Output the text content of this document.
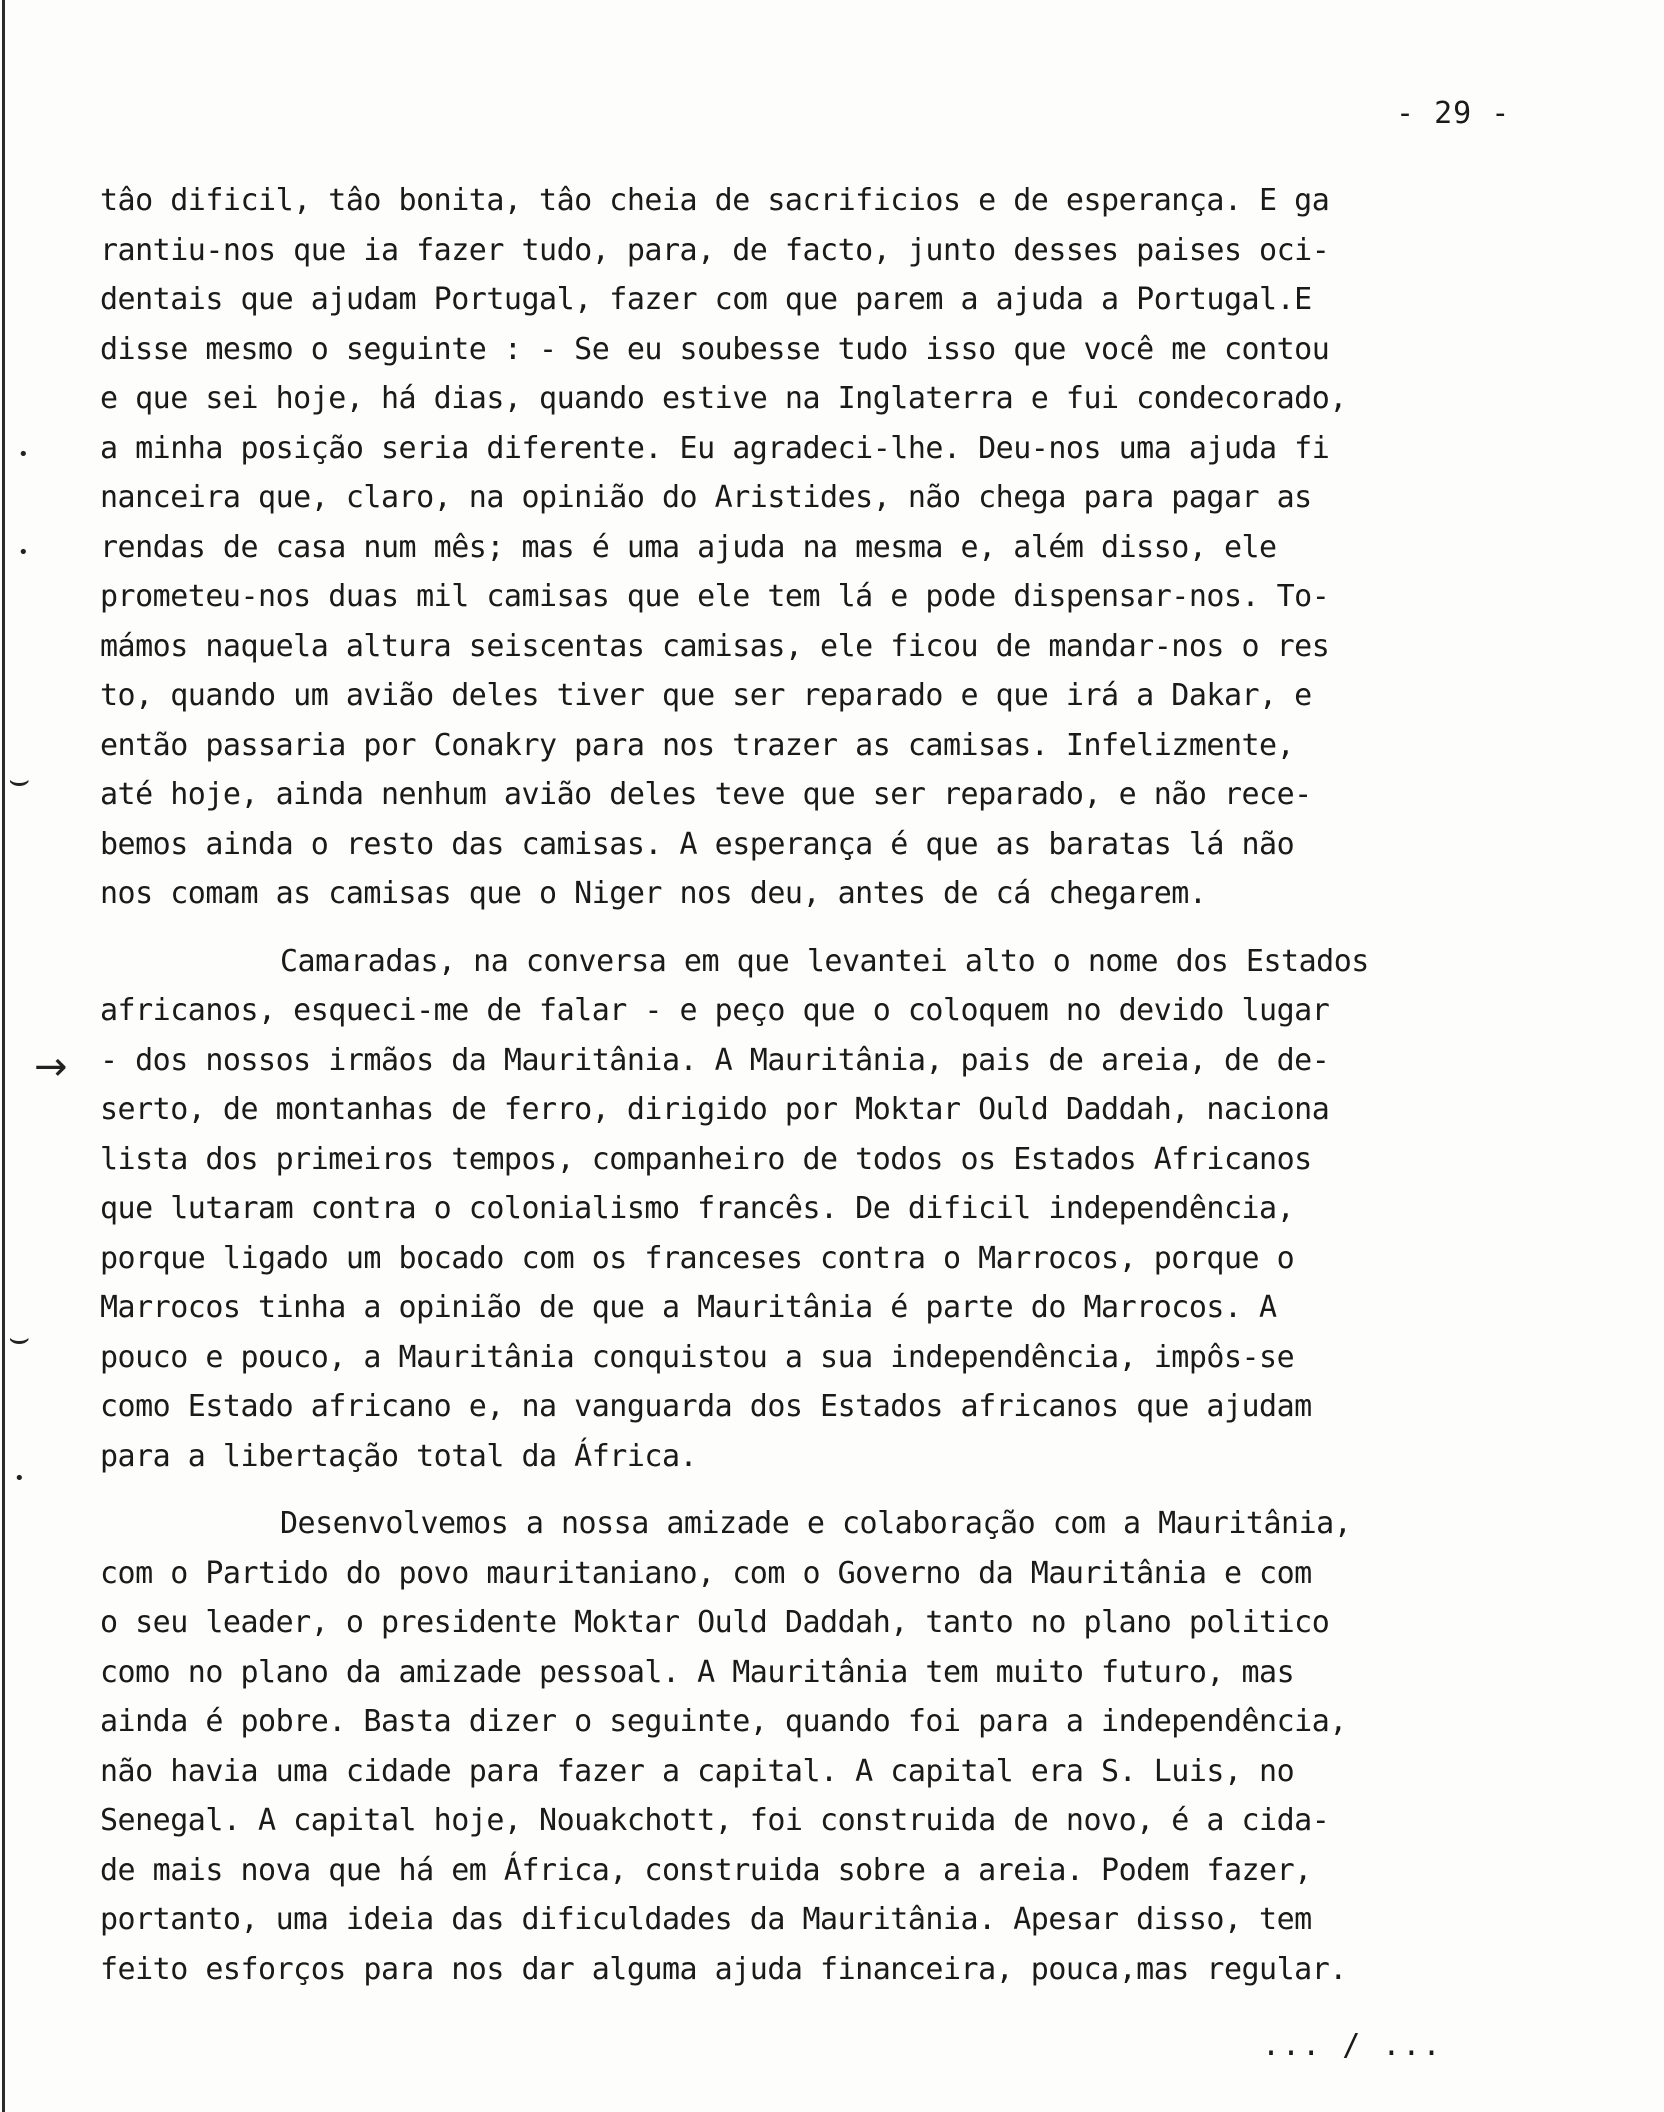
- 29 -
tâo dificil, tâo bonita, tâo cheia de sacrificios e de esperança. E ga
rantiu-nos que ia fazer tudo, para, de facto, junto desses paises oci-
dentais que ajudam Portugal, fazer com que parem a ajuda a Portugal.E
disse mesmo o seguinte : - Se eu soubesse tudo isso que você me contou
e que sei hoje, há dias, quando estive na Inglaterra e fui condecorado,
a minha posição seria diferente. Eu agradeci-lhe. Deu-nos uma ajuda fi
nanceira que, claro, na opinião do Aristides, não chega para pagar as
rendas de casa num mês; mas é uma ajuda na mesma e, além disso, ele
prometeu-nos duas mil camisas que ele tem lá e pode dispensar-nos. To-
mámos naquela altura seiscentas camisas, ele ficou de mandar-nos o res
to, quando um avião deles tiver que ser reparado e que irá a Dakar, e
então passaria por Conakry para nos trazer as camisas. Infelizmente,
até hoje, ainda nenhum avião deles teve que ser reparado, e não rece-
bemos ainda o resto das camisas. A esperança é que as baratas lá não
nos comam as camisas que o Niger nos deu, antes de cá chegarem.
Camaradas, na conversa em que levantei alto o nome dos Estados
africanos, esqueci-me de falar - e peço que o coloquem no devido lugar
- dos nossos irmãos da Mauritânia. A Mauritânia, pais de areia, de de-
serto, de montanhas de ferro, dirigido por Moktar Ould Daddah, naciona
lista dos primeiros tempos, companheiro de todos os Estados Africanos
que lutaram contra o colonialismo francês. De dificil independência,
porque ligado um bocado com os franceses contra o Marrocos, porque o
Marrocos tinha a opinião de que a Mauritânia é parte do Marrocos. A
pouco e pouco, a Mauritânia conquistou a sua independência, impôs-se
como Estado africano e, na vanguarda dos Estados africanos que ajudam
para a libertação total da África.
Desenvolvemos a nossa amizade e colaboração com a Mauritânia,
com o Partido do povo mauritaniano, com o Governo da Mauritânia e com
o seu leader, o presidente Moktar Ould Daddah, tanto no plano politico
como no plano da amizade pessoal. A Mauritânia tem muito futuro, mas
ainda é pobre. Basta dizer o seguinte, quando foi para a independência,
não havia uma cidade para fazer a capital. A capital era S. Luis, no
Senegal. A capital hoje, Nouakchott, foi construida de novo, é a cida-
de mais nova que há em África, construida sobre a areia. Podem fazer,
portanto, uma ideia das dificuldades da Mauritânia. Apesar disso, tem
feito esforços para nos dar alguma ajuda financeira, pouca,mas regular.
... / ...
→
⌣
⌣
•
•
•
